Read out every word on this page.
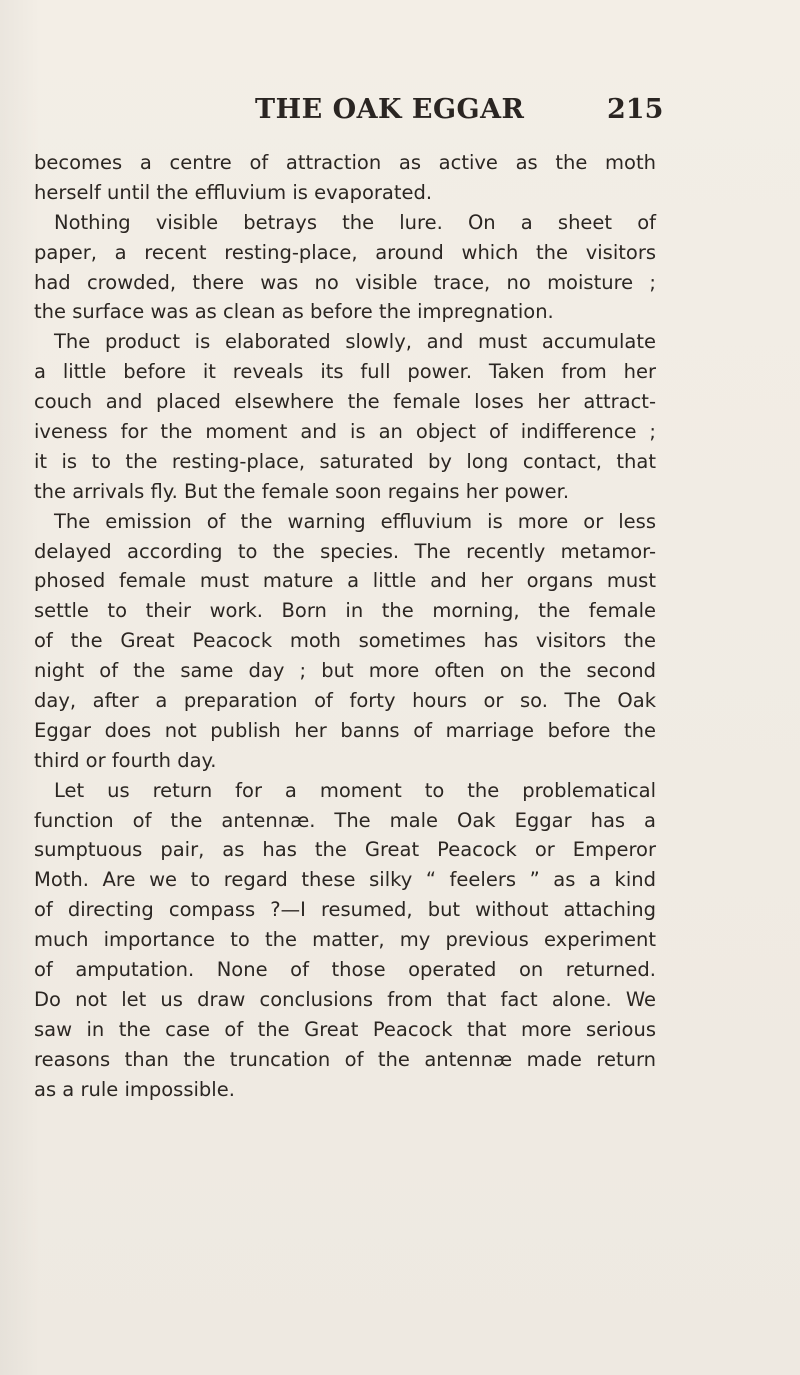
THE OAK EGGAR	215
becomes a centre of attraction as active as the moth
herself until the effluvium is evaporated.
Nothing visible betrays the lure. On a sheet of
paper, a recent resting-place, around which the visitors
had crowded, there was no visible trace, no moisture ;
the surface was as clean as before the impregnation.
The product is elaborated slowly, and must accumulate
a little before it reveals its full power. Taken from her
couch and placed elsewhere the female loses her attract-
iveness for the moment and is an object of indifference ;
it is to the resting-place, saturated by long contact, that
the arrivals fly. But the female soon regains her power.
The emission of the warning effluvium is more or less
delayed according to the species. The recently metamor-
phosed female must mature a little and her organs must
settle to their work. Born in the morning, the female
of the Great Peacock moth sometimes has visitors the
night of the same day ; but more often on the second
day, after a preparation of forty hours or so. The Oak
Eggar does not publish her banns of marriage before the
third or fourth day.
Let us return for a moment to the problematical
function of the antennæ. The male Oak Eggar has a
sumptuous pair, as has the Great Peacock or Emperor
Moth. Are we to regard these silky “ feelers ” as a kind
of directing compass ?—I resumed, but without attaching
much importance to the matter, my previous experiment
of amputation. None of those operated on returned.
Do not let us draw conclusions from that fact alone. We
saw in the case of the Great Peacock that more serious
reasons than the truncation of the antennæ made return
as a rule impossible.
